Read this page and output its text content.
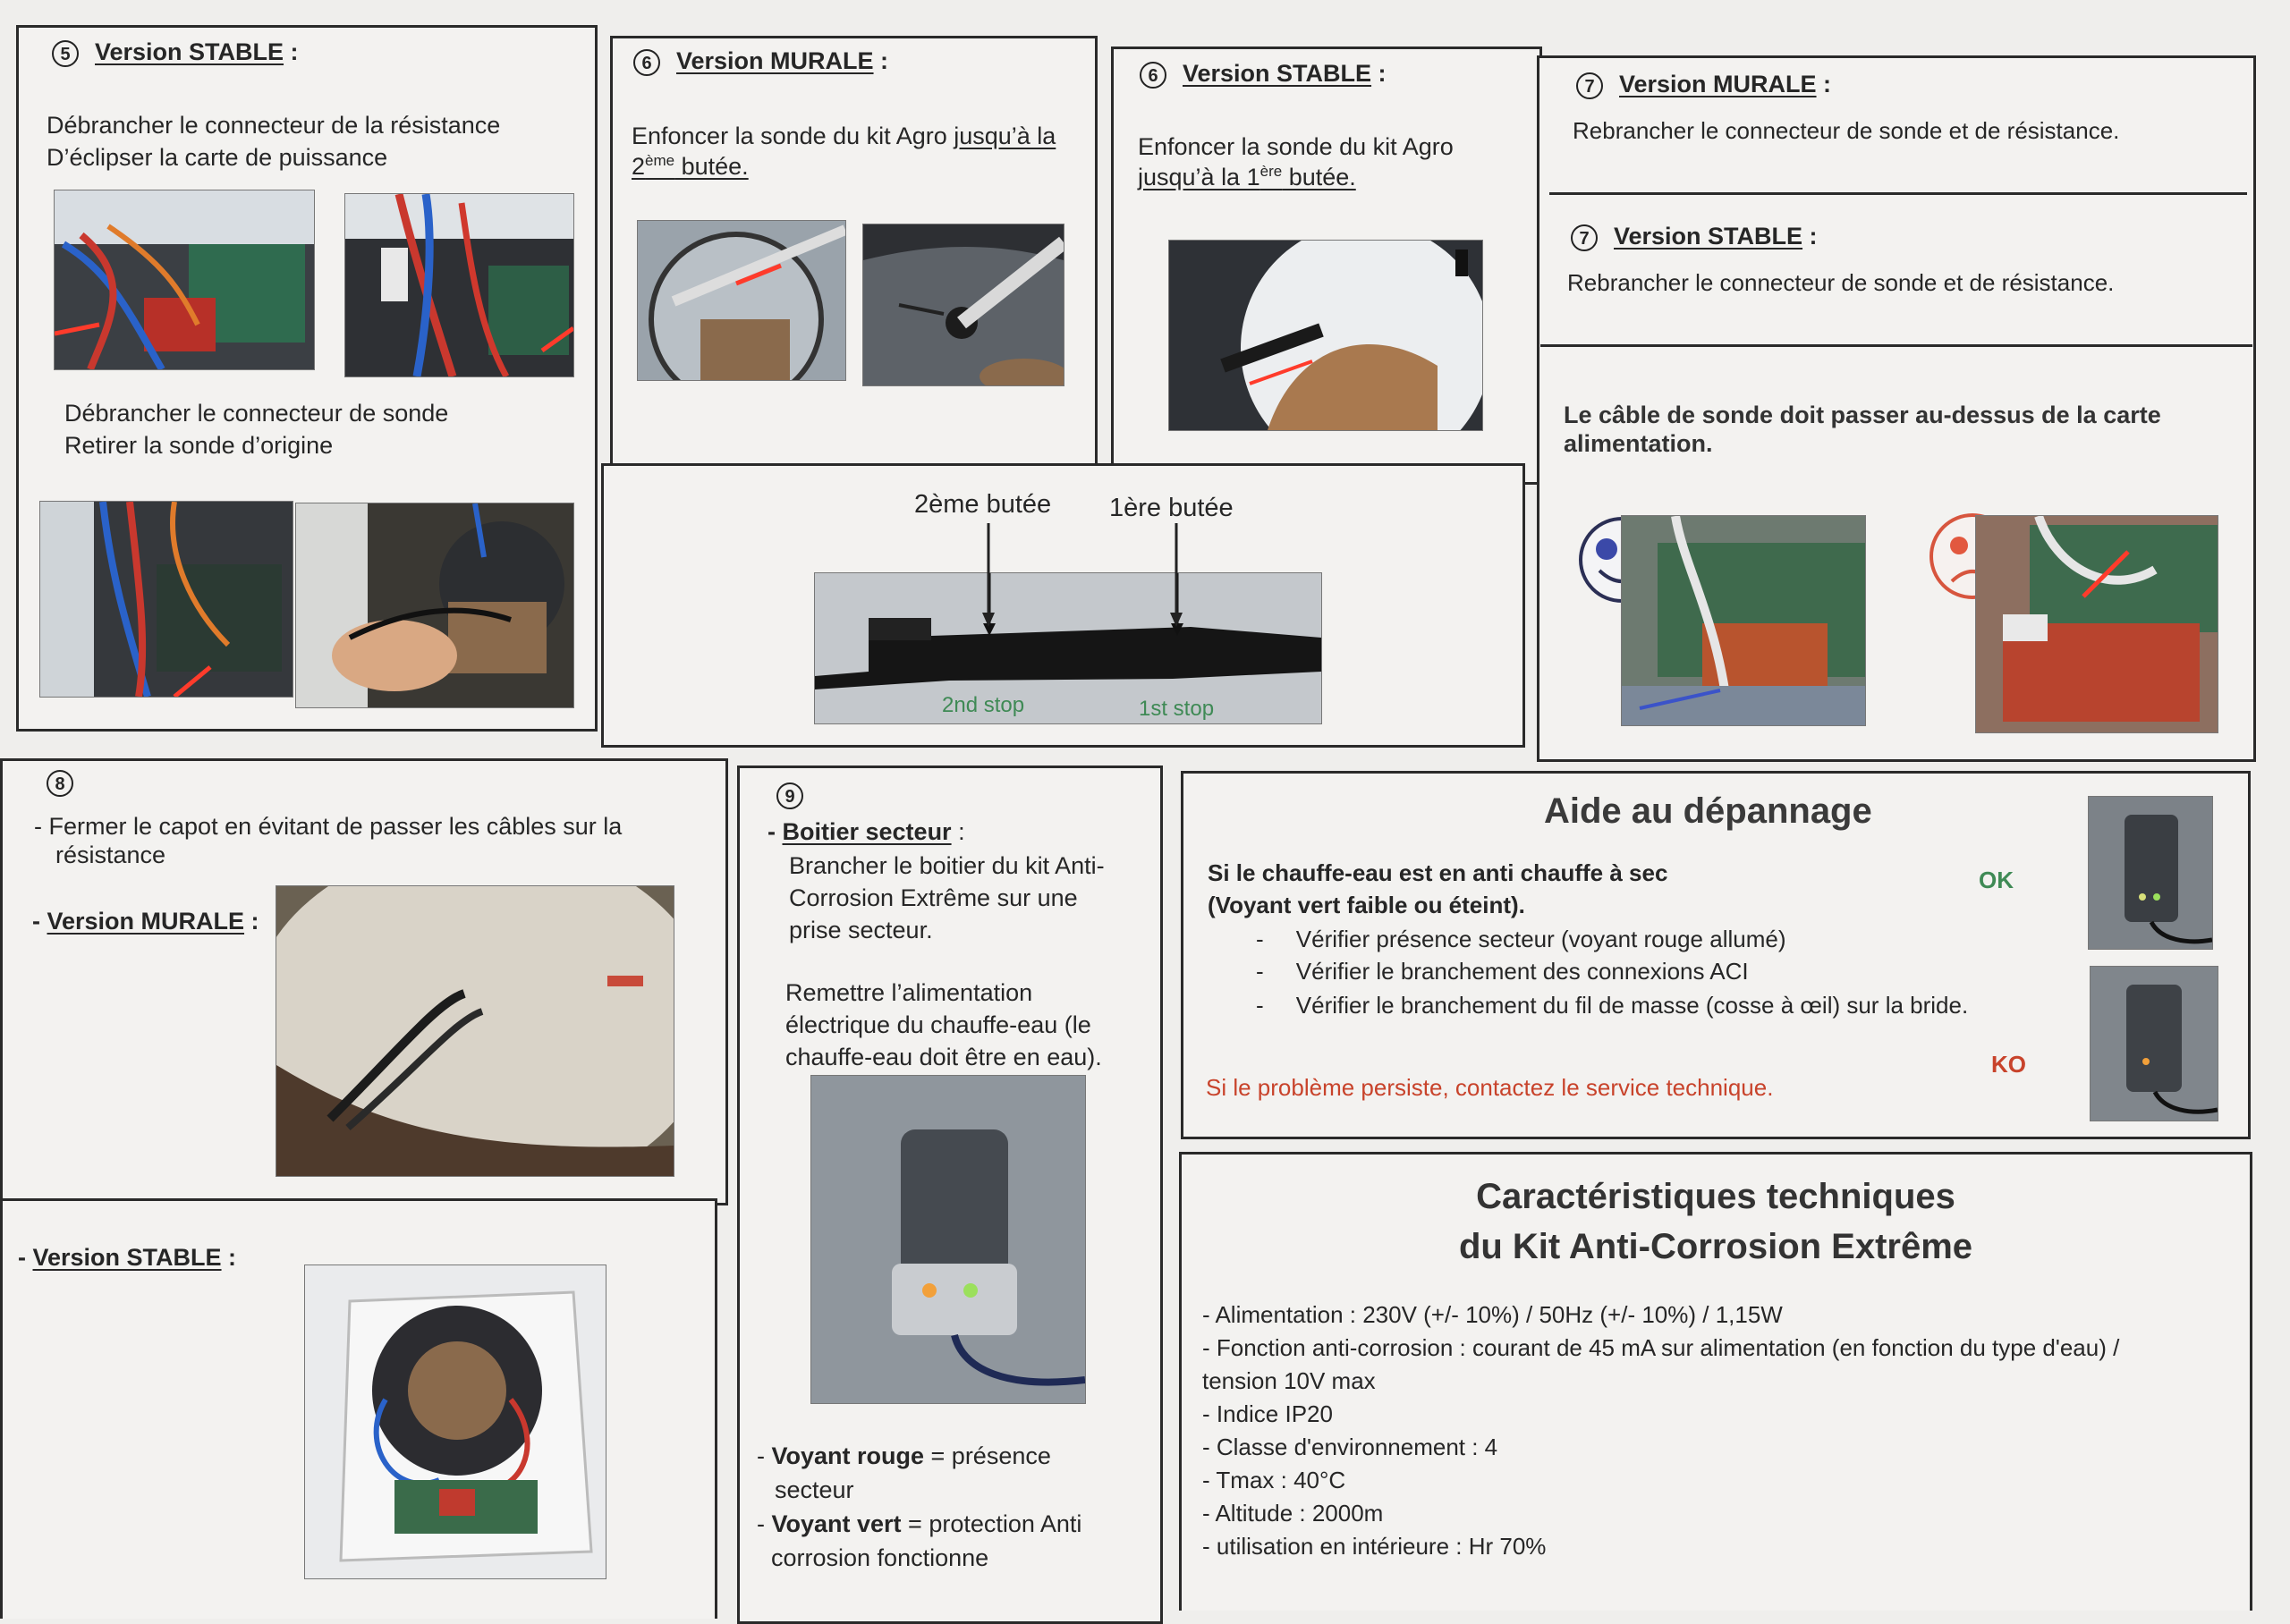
5 Version STABLE :
Débrancher le connecteur de la résistance
D’éclipser la carte de puissance
Débrancher le connecteur de sonde
Retirer la sonde d’origine
6 Version MURALE :
Enfoncer la sonde du kit Agro jusqu’à la
2ème butée.
6 Version STABLE :
Enfoncer la sonde du kit Agro
jusqu’à la 1ère butée.
2ème butée 1ère butée
2nd stop	1st stop
7 Version MURALE :
Rebrancher le connecteur de sonde et de résistance.
7 Version STABLE :
Rebrancher le connecteur de sonde et de résistance.
Le câble de sonde doit passer au-dessus de la carte
alimentation.
8
- Fermer le capot en évitant de passer les câbles sur la
résistance
- Version MURALE :
- Version STABLE :
9
- Boitier secteur :
Brancher le boitier du kit Anti-
Corrosion Extrême sur une
prise secteur.
Remettre l’alimentation
électrique du chauffe-eau (le
chauffe-eau doit être en eau).
- Voyant rouge = présence
secteur
- Voyant vert = protection Anti
corrosion fonctionne
Aide au dépannage
Si le chauffe-eau est en anti chauffe à sec
(Voyant vert faible ou éteint).
OK
-     Vérifier présence secteur (voyant rouge allumé)
-     Vérifier le branchement des connexions ACI
-     Vérifier le branchement du fil de masse (cosse à œil) sur la bride.
KO
Si le problème persiste, contactez le service technique.
Caractéristiques techniques
du Kit Anti-Corrosion Extrême
- Alimentation : 230V (+/- 10%) / 50Hz (+/- 10%) / 1,15W
- Fonction anti-corrosion : courant de 45 mA sur alimentation (en fonction du type d'eau) /
tension 10V max
- Indice IP20
- Classe d'environnement : 4
- Tmax : 40°C
- Altitude : 2000m
- utilisation en intérieure : Hr 70%
